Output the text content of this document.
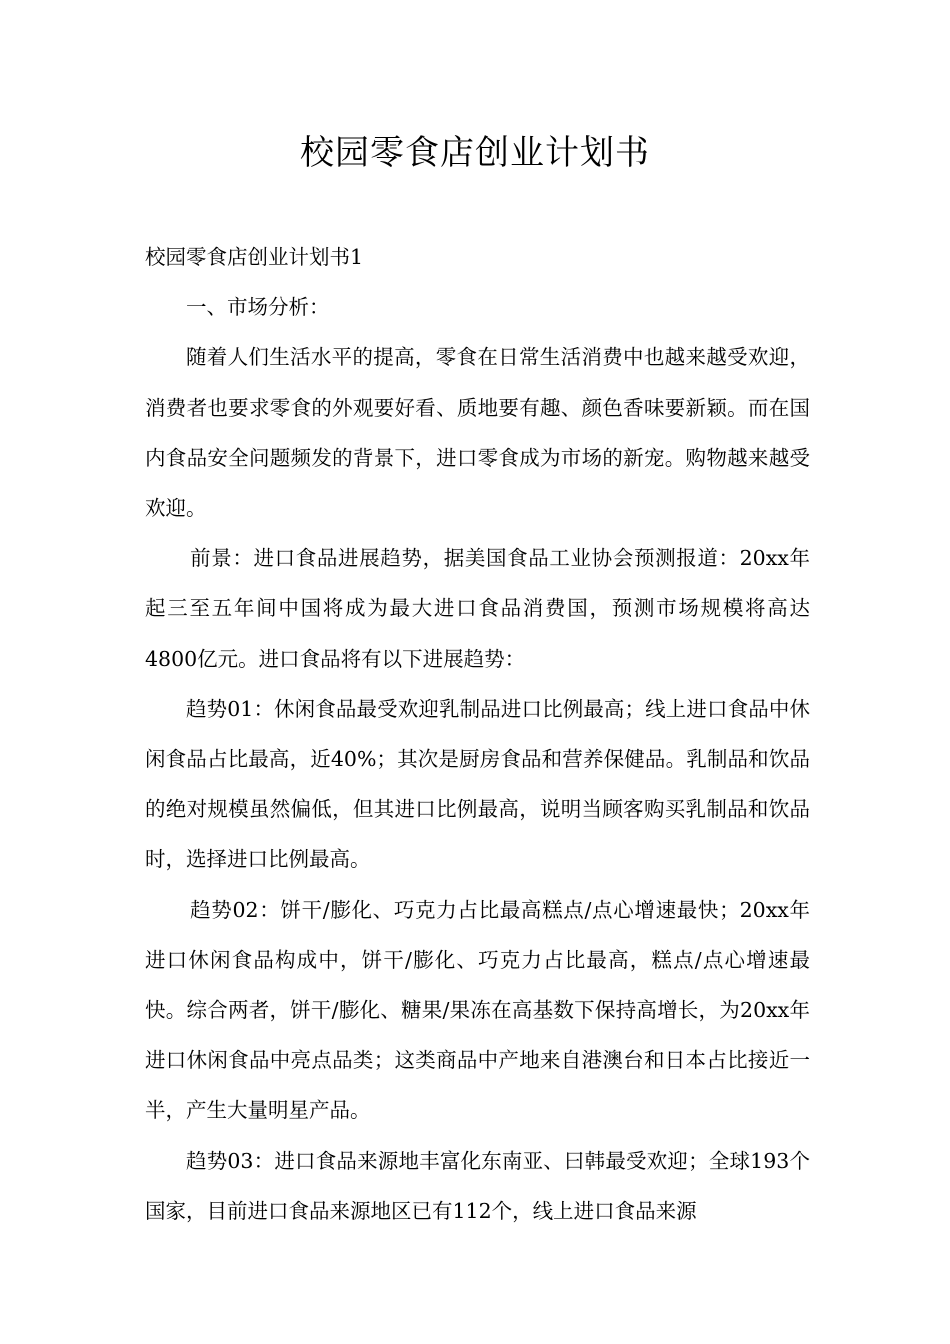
校园零食店创业计划书

校园零食店创业计划书1

一、市场分析：

随着人们生活水平的提高，零食在日常生活消费中也越来越受欢迎，消费者也要求零食的外观要好看、质地要有趣、颜色香味要新颖。而在国内食品安全问题频发的背景下，进口零食成为市场的新宠。购物越来越受欢迎。

前景：进口食品进展趋势，据美国食品工业协会预测报道：20xx年起三至五年间中国将成为最大进口食品消费国，预测市场规模将高达4800亿元。进口食品将有以下进展趋势：

趋势01：休闲食品最受欢迎乳制品进口比例最高；线上进口食品中休闲食品占比最高，近40%；其次是厨房食品和营养保健品。乳制品和饮品的绝对规模虽然偏低，但其进口比例最高，说明当顾客购买乳制品和饮品时，选择进口比例最高。

趋势02：饼干/膨化、巧克力占比最高糕点/点心增速最快；20xx年进口休闲食品构成中，饼干/膨化、巧克力占比最高，糕点/点心增速最快。综合两者，饼干/膨化、糖果/果冻在高基数下保持高增长，为20xx年进口休闲食品中亮点品类；这类商品中产地来自港澳台和日本占比接近一半，产生大量明星产品。

趋势03：进口食品来源地丰富化东南亚、曰韩最受欢迎；全球193个国家，目前进口食品来源地区已有112个，线上进口食品来源
